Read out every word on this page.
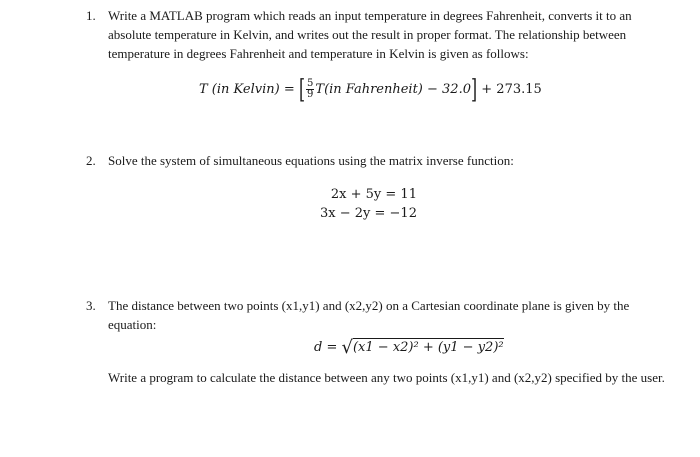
1. Write a MATLAB program which reads an input temperature in degrees Fahrenheit, converts it to an absolute temperature in Kelvin, and writes out the result in proper format. The relationship between temperature in degrees Fahrenheit and temperature in Kelvin is given as follows:
T (in Kelvin) = [ $\frac{5}{9} T(in$ Fahrenheit) − 32.0] + 273.15
2. Solve the system of simultaneous equations using the matrix inverse function:
2x + 5y = 11
3x − 2y = −12
3. The distance between two points (x1,y1) and (x2,y2) on a Cartesian coordinate plane is given by the equation:
d = √(x1 − x2)² + (y1 − y2)²
Write a program to calculate the distance between any two points (x1,y1) and (x2,y2) specified by the user.
